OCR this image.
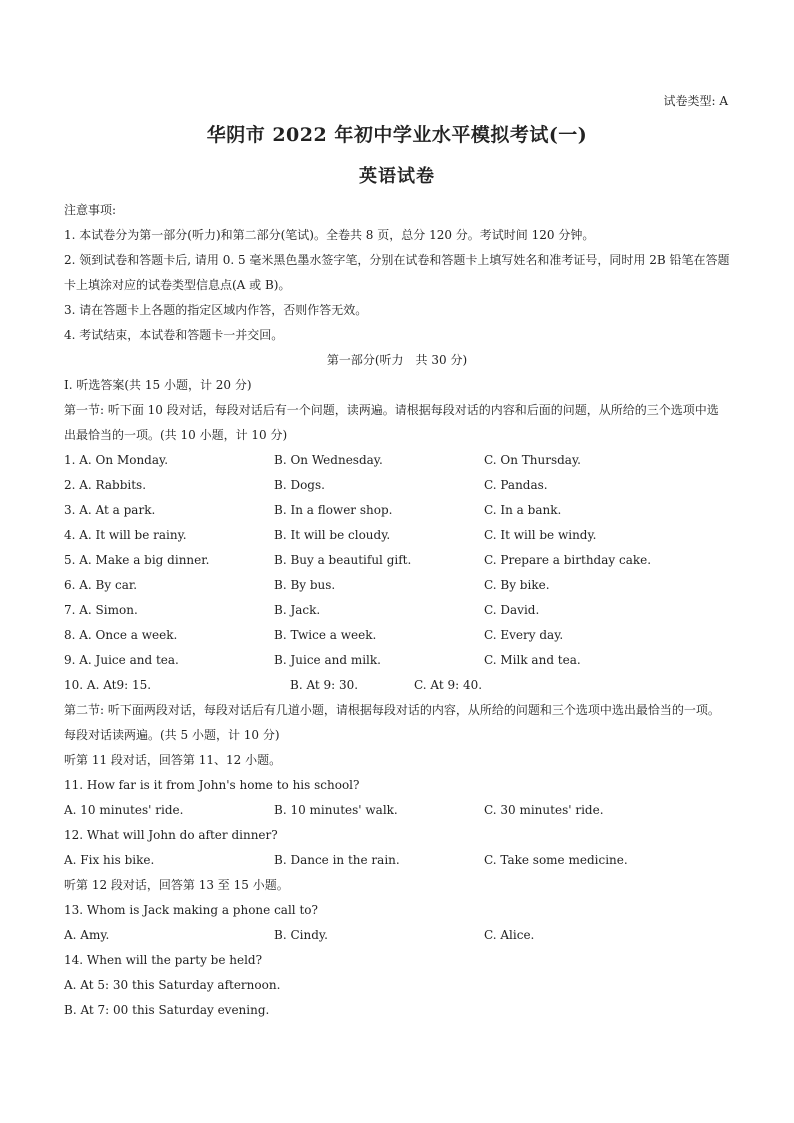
试卷类型: A
华阴市 2022 年初中学业水平模拟考试(一)
英语试卷
注意事项:
1. 本试卷分为第一部分(听力)和第二部分(笔试)。全卷共 8 页，总分 120 分。考试时间 120 分钟。
2. 领到试卷和答题卡后, 请用 0. 5 毫米黑色墨水签字笔，分别在试卷和答题卡上填写姓名和准考证号，同时用 2B 铅笔在答题卡上填涂对应的试卷类型信息点(A 或 B)。
3. 请在答题卡上各题的指定区域内作答，否则作答无效。
4. 考试结束，本试卷和答题卡一并交回。
第一部分(听力　共 30 分)
I. 听选答案(共 15 小题，计 20 分)
第一节: 听下面 10 段对话，每段对话后有一个问题，读两遍。请根据每段对话的内容和后面的问题，从所给的三个选项中选出最恰当的一项。(共 10 小题，计 10 分)
1. A. On Monday.	B. On Wednesday.	C. On Thursday.
2. A. Rabbits.	B. Dogs.	C. Pandas.
3. A. At a park.	B. In a flower shop.	C. In a bank.
4. A. It will be rainy.	B. It will be cloudy.	C. It will be windy.
5. A. Make a big dinner.	B. Buy a beautiful gift.	C. Prepare a birthday cake.
6. A. By car.	B. By bus.	C. By bike.
7. A. Simon.	B. Jack.	C. David.
8. A. Once a week.	B. Twice a week.	C. Every day.
9. A. Juice and tea.	B. Juice and milk.	C. Milk and tea.
10. A. At9: 15.	B. At 9: 30.	C. At 9: 40.
第二节: 听下面两段对话，每段对话后有几道小题，请根据每段对话的内容，从所给的问题和三个选项中选出最恰当的一项。每段对话读两遍。(共 5 小题，计 10 分)
听第 11 段对话，回答第 11、12 小题。
11. How far is it from John's home to his school?
A. 10 minutes' ride.	B. 10 minutes' walk.	C. 30 minutes' ride.
12. What will John do after dinner?
A. Fix his bike.	B. Dance in the rain.	C. Take some medicine.
听第 12 段对话，回答第 13 至 15 小题。
13. Whom is Jack making a phone call to?
A. Amy.	B. Cindy.	C. Alice.
14. When will the party be held?
A. At 5: 30 this Saturday afternoon.
B. At 7: 00 this Saturday evening.
